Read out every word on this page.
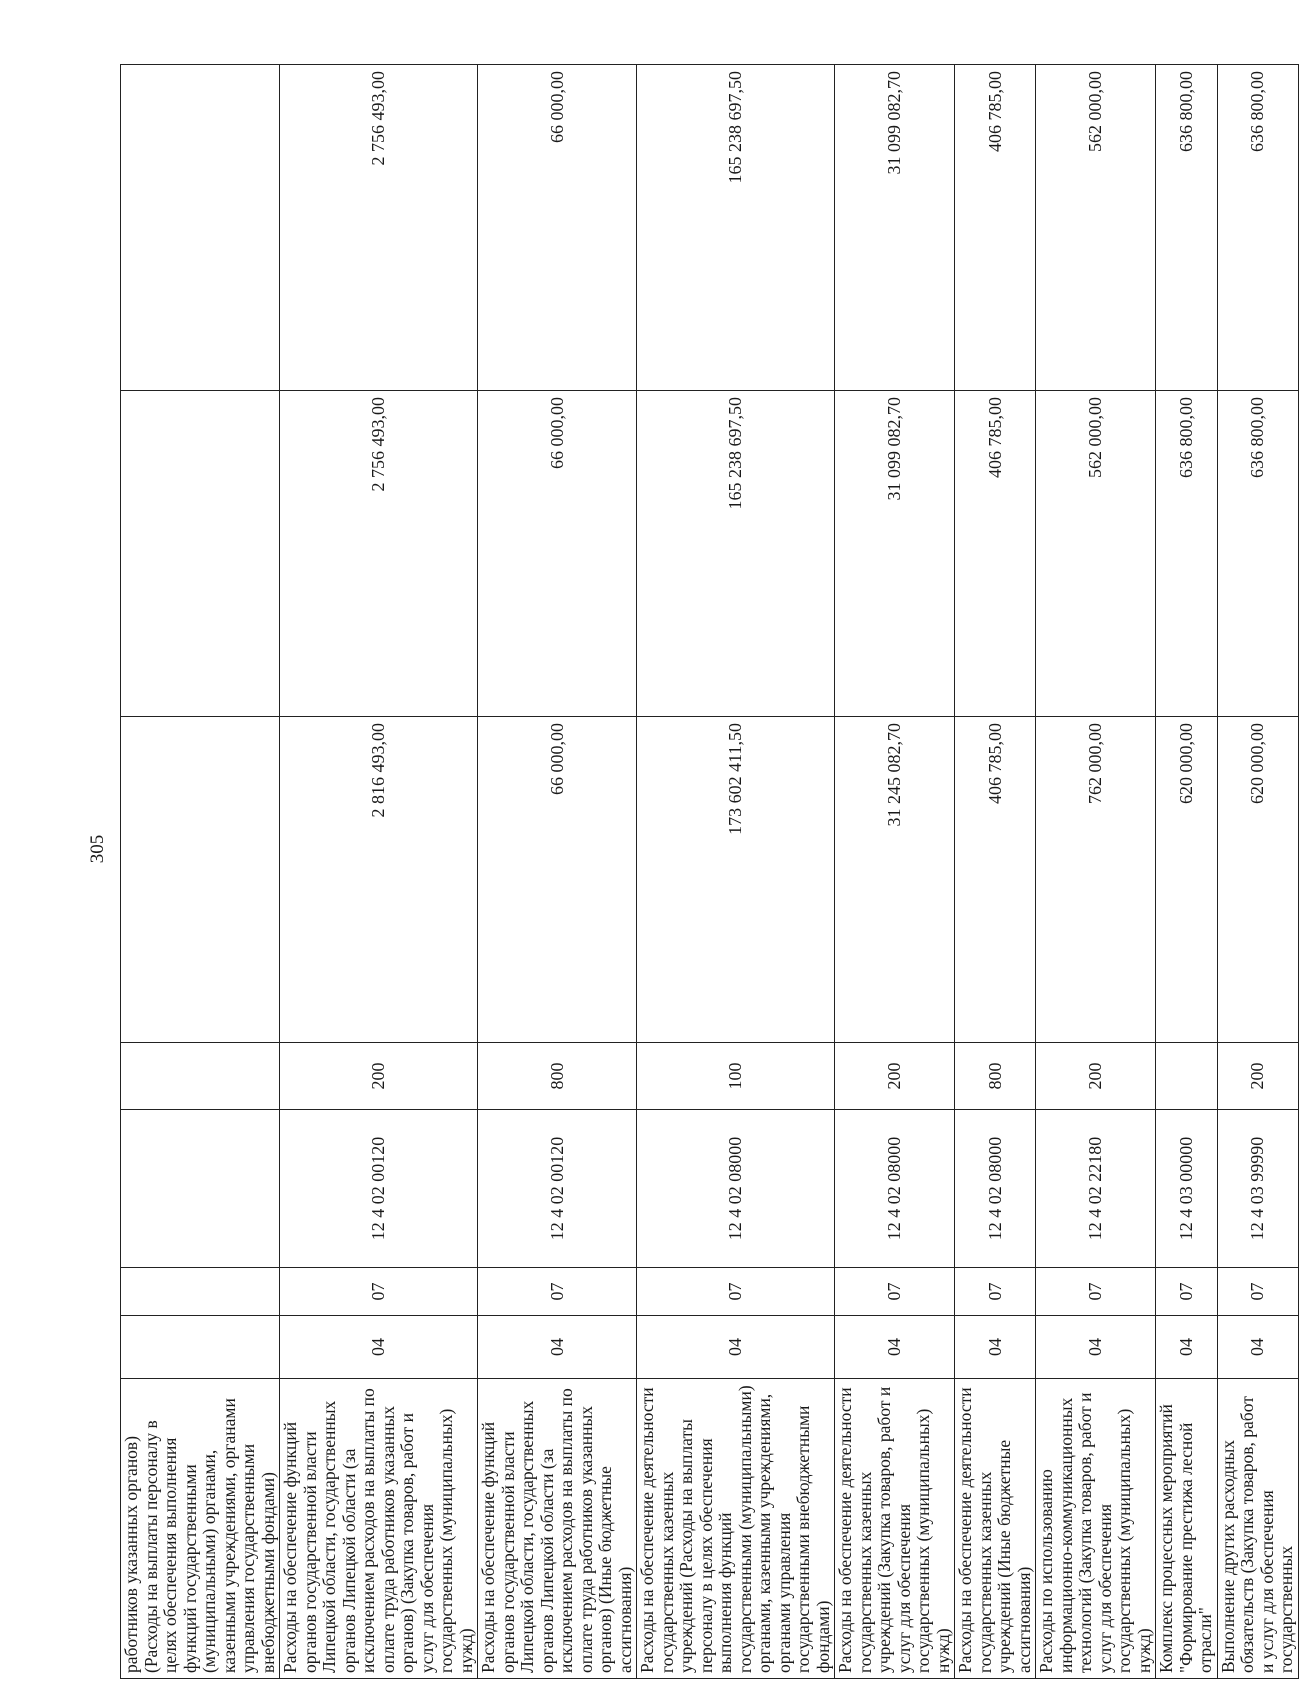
305
работников указанных органов) (Расходы на выплаты персоналу в целях обеспечения выполнения функций государственными (муниципальными) органами, казенными учреждениями, органами управления государственными внебюджетными фондами)							
Расходы на обеспечение функций органов государственной власти Липецкой области, государственных органов Липецкой области (за исключением расходов на выплаты по оплате труда работников указанных органов) (Закупка товаров, работ и услуг для обеспечения государственных (муниципальных) нужд)	04	07	12 4 02 00120	200	2 816 493,00	2 756 493,00	2 756 493,00
Расходы на обеспечение функций органов государственной власти Липецкой области, государственных органов Липецкой области (за исключением расходов на выплаты по оплате труда работников указанных органов) (Иные бюджетные ассигнования)	04	07	12 4 02 00120	800	66 000,00	66 000,00	66 000,00
Расходы на обеспечение деятельности государственных казенных учреждений (Расходы на выплаты персоналу в целях обеспечения выполнения функций государственными (муниципальными) органами, казенными учреждениями, органами управления государственными внебюджетными фондами)	04	07	12 4 02 08000	100	173 602 411,50	165 238 697,50	165 238 697,50
Расходы на обеспечение деятельности государственных казенных учреждений (Закупка товаров, работ и услуг для обеспечения государственных (муниципальных) нужд)	04	07	12 4 02 08000	200	31 245 082,70	31 099 082,70	31 099 082,70
Расходы на обеспечение деятельности государственных казенных учреждений (Иные бюджетные ассигнования)	04	07	12 4 02 08000	800	406 785,00	406 785,00	406 785,00
Расходы по использованию информационно-коммуникационных технологий (Закупка товаров, работ и услуг для обеспечения государственных (муниципальных) нужд)	04	07	12 4 02 22180	200	762 000,00	562 000,00	562 000,00
Комплекс процессных мероприятий "Формирование престижа лесной отрасли"	04	07	12 4 03 00000		620 000,00	636 800,00	636 800,00
Выполнение других расходных обязательств (Закупка товаров, работ и услуг для обеспечения государственных	04	07	12 4 03 99990	200	620 000,00	636 800,00	636 800,00
